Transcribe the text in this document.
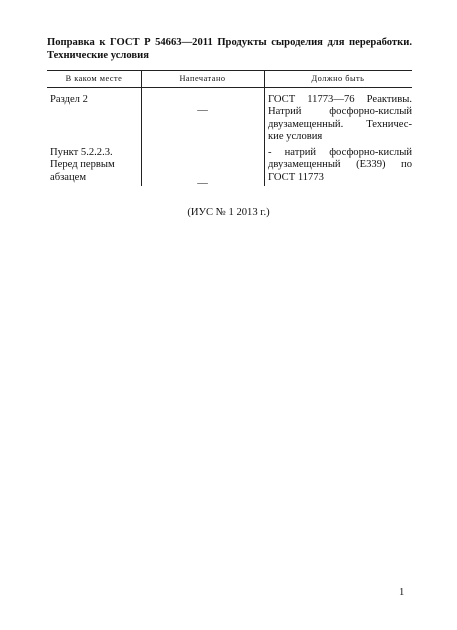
Поправка к ГОСТ Р 54663—2011 Продукты сыроделия для переработки.
Технические условия
В каком месте	Напечатано	Должно быть
Раздел 2
—
ГОСТ 11773—76 Реактивы.
Натрий фосфорно-кислый
двузамещенный. Техничес-
кие условия
Пункт 5.2.2.3.
Перед первым
абзацем
—
- натрий фосфорно-кислый
двузамещенный (Е339) по
ГОСТ 11773
(ИУС № 1 2013 г.)
1
